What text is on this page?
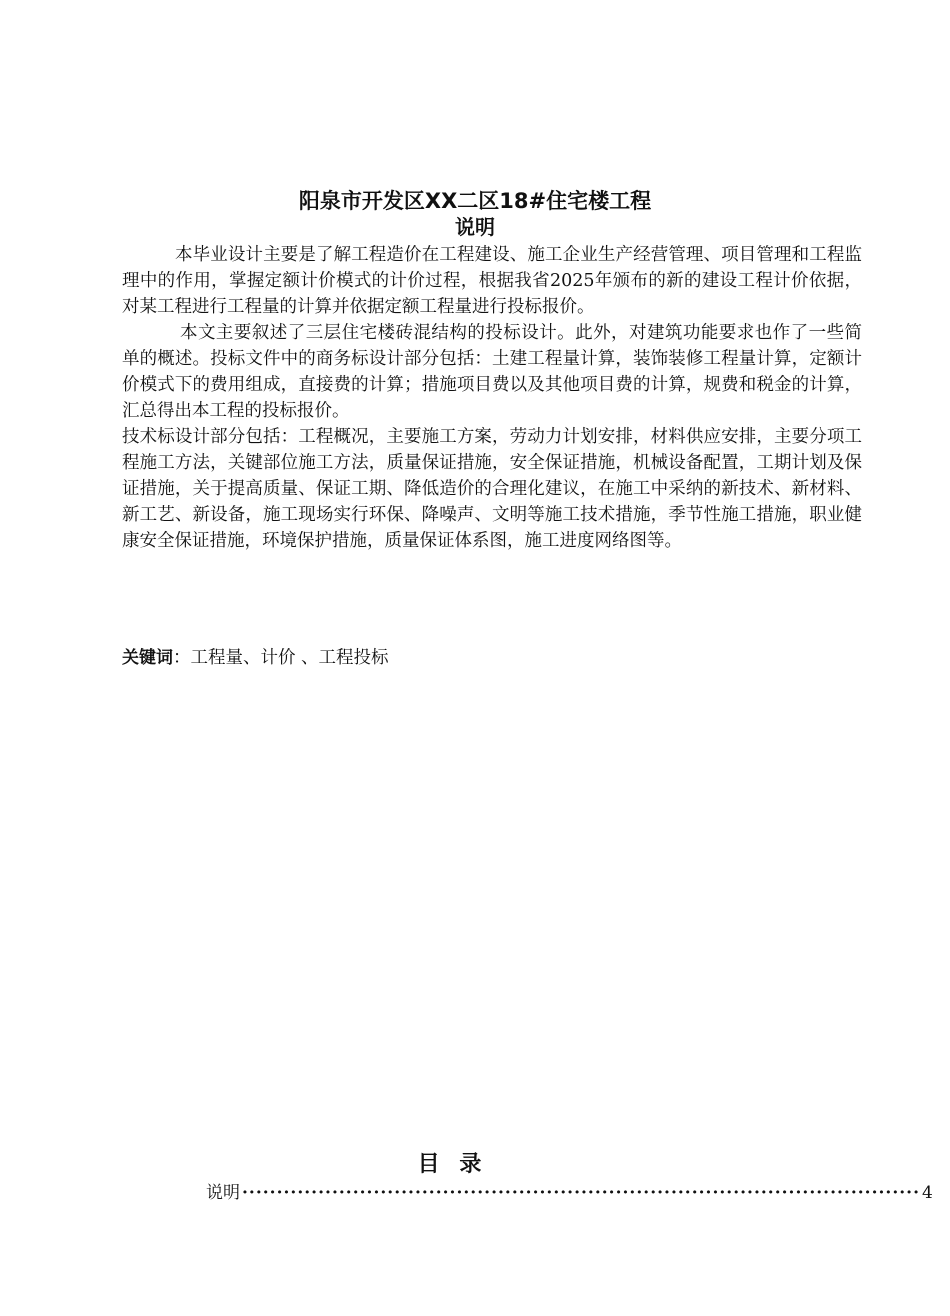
阳泉市开发区XX二区18#住宅楼工程
说明

本毕业设计主要是了解工程造价在工程建设、施工企业生产经营管理、项目管理和工程监理中的作用，掌握定额计价模式的计价过程，根据我省2025年颁布的新的建设工程计价依据，对某工程进行工程量的计算并依据定额工程量进行投标报价。

本文主要叙述了三层住宅楼砖混结构的投标设计。此外，对建筑功能要求也作了一些简单的概述。投标文件中的商务标设计部分包括：土建工程量计算，装饰装修工程量计算，定额计价模式下的费用组成，直接费的计算；措施项目费以及其他项目费的计算，规费和税金的计算，汇总得出本工程的投标报价。

技术标设计部分包括：工程概况，主要施工方案，劳动力计划安排，材料供应安排，主要分项工程施工方法，关键部位施工方法，质量保证措施，安全保证措施，机械设备配置，工期计划及保证措施，关于提高质量、保证工期、降低造价的合理化建议，在施工中采纳的新技术、新材料、新工艺、新设备，施工现场实行环保、降噪声、文明等施工技术措施，季节性施工措施，职业健康安全保证措施，环境保护措施，质量保证体系图，施工进度网络图等。

关键词：工程量、计价 、工程投标

目 录
说明 ·································································································· 4
